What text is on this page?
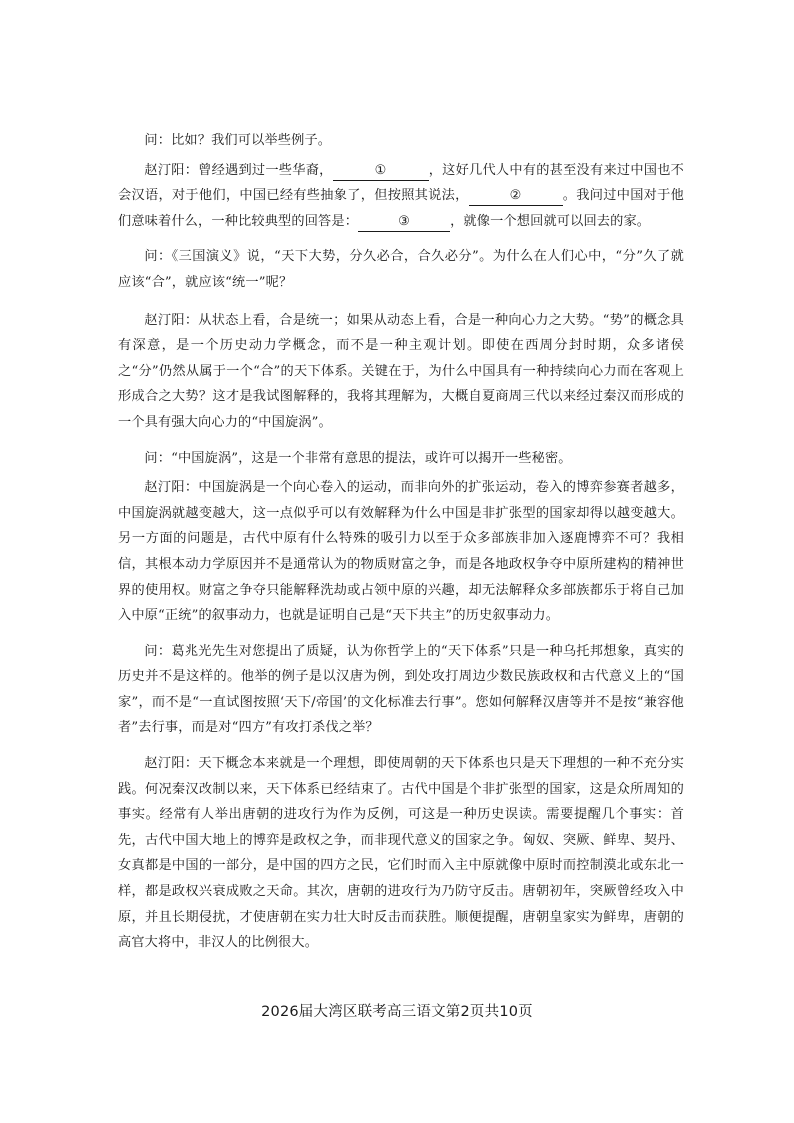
问：比如？我们可以举些例子。

赵汀阳：曾经遇到过一些华裔，	①	，这好几代人中有的甚至没有来过中国也不会汉语，对于他们，中国已经有些抽象了，但按照其说法，	②	。我问过中国对于他们意味着什么，一种比较典型的回答是：	③	，就像一个想回就可以回去的家。

问：《三国演义》说，“天下大势，分久必合，合久必分”。为什么在人们心中，“分”久了就应该“合”，就应该“统一”呢？

赵汀阳：从状态上看，合是统一；如果从动态上看，合是一种向心力之大势。“势”的概念具有深意，是一个历史动力学概念，而不是一种主观计划。即使在西周分封时期，众多诸侯之“分”仍然从属于一个“合”的天下体系。关键在于，为什么中国具有一种持续向心力而在客观上形成合之大势？这才是我试图解释的，我将其理解为，大概自夏商周三代以来经过秦汉而形成的一个具有强大向心力的“中国旋涡”。

问：“中国旋涡”，这是一个非常有意思的提法，或许可以揭开一些秘密。

赵汀阳：中国旋涡是一个向心卷入的运动，而非向外的扩张运动，卷入的博弈参赛者越多，中国旋涡就越变越大，这一点似乎可以有效解释为什么中国是非扩张型的国家却得以越变越大。另一方面的问题是，古代中原有什么特殊的吸引力以至于众多部族非加入逐鹿博弈不可？我相信，其根本动力学原因并不是通常认为的物质财富之争，而是各地政权争夺中原所建构的精神世界的使用权。财富之争夺只能解释洗劫或占领中原的兴趣，却无法解释众多部族都乐于将自己加入中原“正统”的叙事动力，也就是证明自己是“天下共主”的历史叙事动力。

问：葛兆光先生对您提出了质疑，认为你哲学上的“天下体系”只是一种乌托邦想象，真实的历史并不是这样的。他举的例子是以汉唐为例，到处攻打周边少数民族政权和古代意义上的“国家”，而不是“一直试图按照‘天下/帝国’的文化标准去行事”。您如何解释汉唐等并不是按“兼容他者”去行事，而是对“四方”有攻打杀伐之举？

赵汀阳：天下概念本来就是一个理想，即使周朝的天下体系也只是天下理想的一种不充分实践。何况秦汉改制以来，天下体系已经结束了。古代中国是个非扩张型的国家，这是众所周知的事实。经常有人举出唐朝的进攻行为作为反例，可这是一种历史误读。需要提醒几个事实：首先，古代中国大地上的博弈是政权之争，而非现代意义的国家之争。匈奴、突厥、鲜卑、契丹、女真都是中国的一部分，是中国的四方之民，它们时而入主中原就像中原时而控制漠北或东北一样，都是政权兴衰成败之天命。其次，唐朝的进攻行为乃防守反击。唐朝初年，突厥曾经攻入中原，并且长期侵扰，才使唐朝在实力壮大时反击而获胜。顺便提醒，唐朝皇家实为鲜卑，唐朝的高官大将中，非汉人的比例很大。

2026届大湾区联考高三语文第2页共10页
